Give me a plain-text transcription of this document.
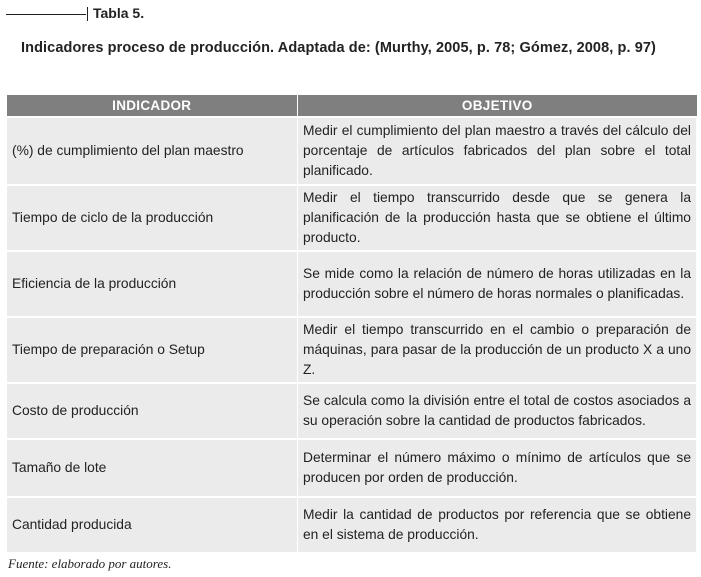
Tabla 5.
Indicadores proceso de producción. Adaptada de: (Murthy, 2005, p. 78; Gómez, 2008, p. 97)
INDICADOR	OBJETIVO
(%) de cumplimiento del plan maestro	Medir el cumplimiento del plan maestro a través del cálculo del porcentaje de artículos fabricados del plan sobre el total planificado.
Tiempo de ciclo de la producción	Medir el tiempo transcurrido desde que se genera la planificación de la producción hasta que se obtiene el último producto.
Eficiencia de la producción	Se mide como la relación de número de horas utilizadas en la producción sobre el número de horas normales o planificadas.
Tiempo de preparación o Setup	Medir el tiempo transcurrido en el cambio o preparación de máquinas, para pasar de la producción de un producto X a uno Z.
Costo de producción	Se calcula como la división entre el total de costos asociados a su operación sobre la cantidad de productos fabricados.
Tamaño de lote	Determinar el número máximo o mínimo de artículos que se producen por orden de producción.
Cantidad producida	Medir la cantidad de productos por referencia que se obtiene en el sistema de producción.
Fuente: elaborado por autores.
